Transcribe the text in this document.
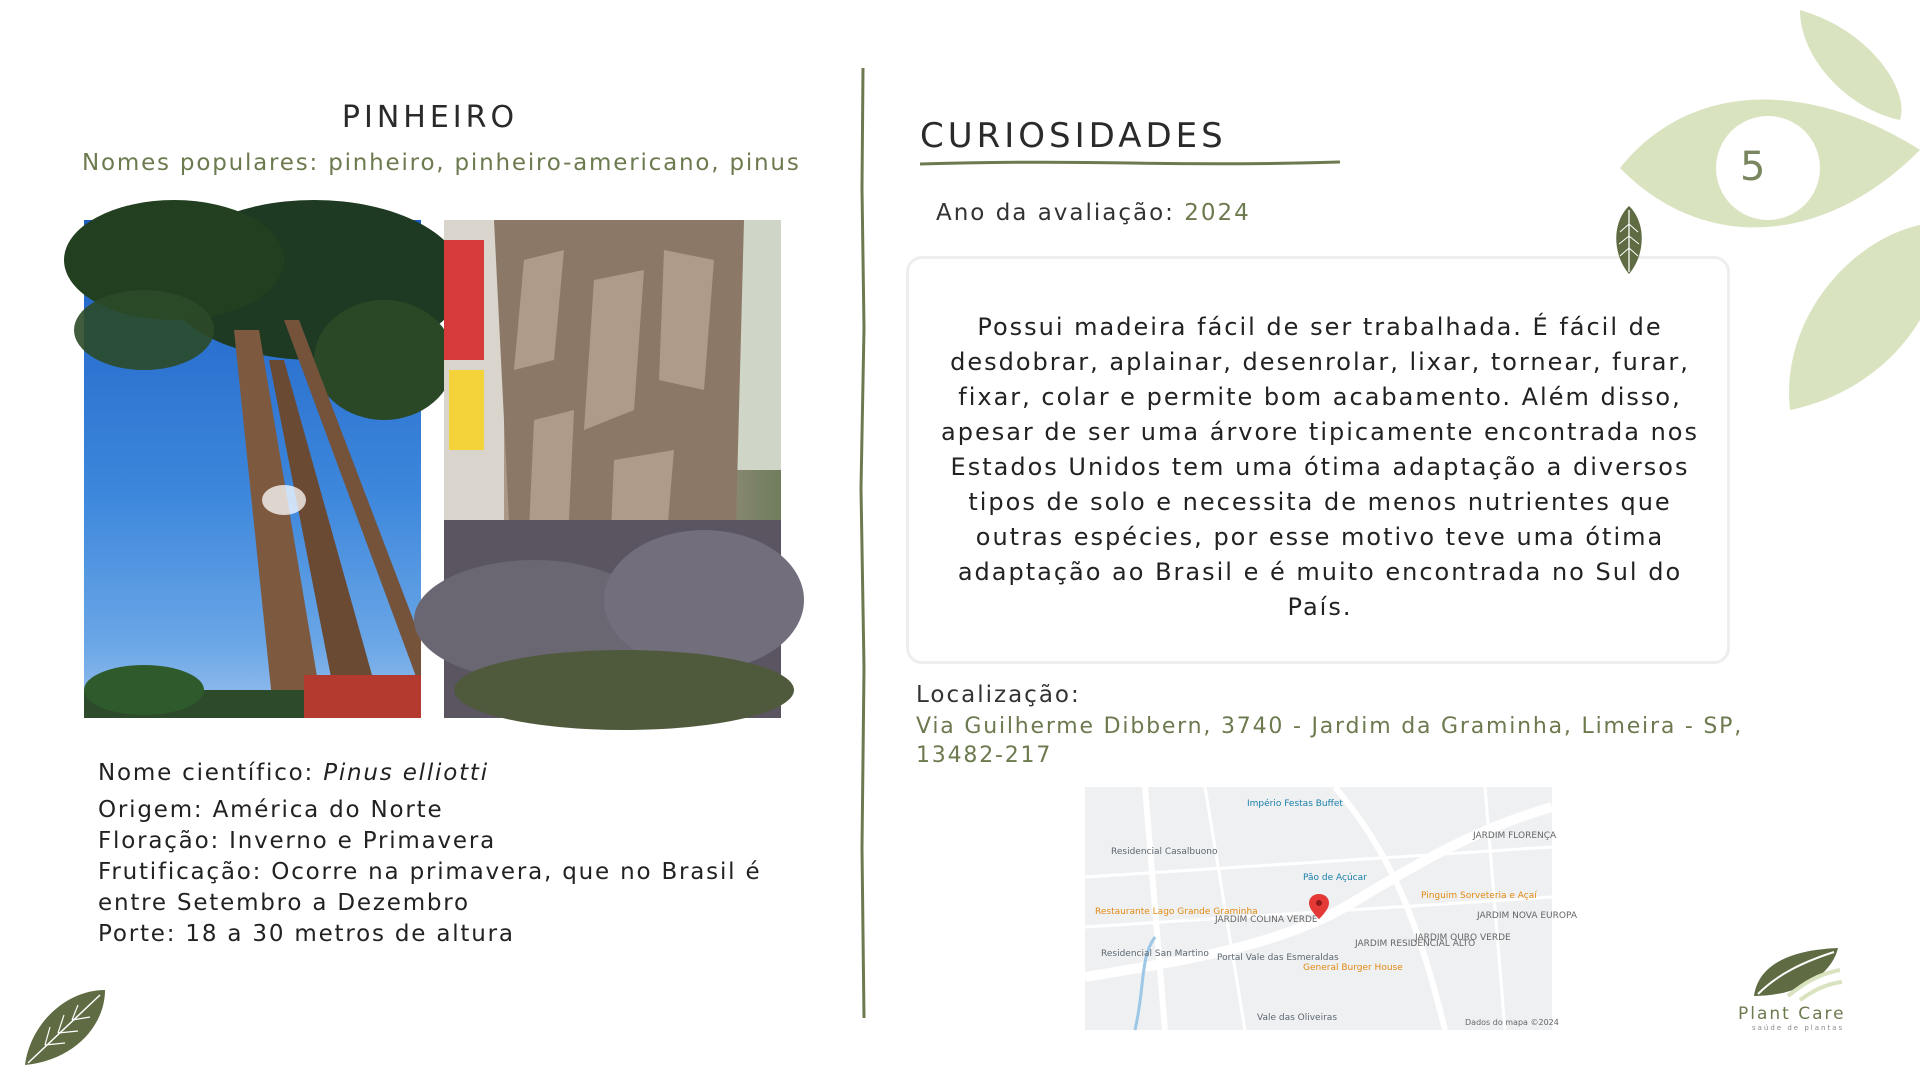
5
PINHEIRO
Nomes populares: pinheiro, pinheiro-americano, pinus
Nome científico: Pinus elliotti
Origem: América do Norte
Floração: Inverno e Primavera
Frutificação: Ocorre na primavera, que no Brasil é entre Setembro a Dezembro
Porte: 18 a 30 metros de altura
CURIOSIDADES
Ano da avaliação: 2024
Possui madeira fácil de ser trabalhada. É fácil de desdobrar, aplainar, desenrolar, lixar, tornear, furar, fixar, colar e permite bom acabamento. Além disso, apesar de ser uma árvore tipicamente encontrada nos Estados Unidos tem uma ótima adaptação a diversos tipos de solo e necessita de menos nutrientes que outras espécies, por esse motivo teve uma ótima adaptação ao Brasil e é muito encontrada no Sul do País.
Localização:
Via Guilherme Dibbern, 3740 - Jardim da Graminha, Limeira - SP, 13482-217
Império Festas Buffet
Residencial Casalbuono
Pão de Açúcar
Pinguim Sorveteria e Açaí
Restaurante Lago Grande Graminha
JARDIM COLINA VERDE
JARDIM RESIDENCIAL ALTO
JARDIM OURO VERDE
JARDIM FLORENÇA
JARDIM NOVA EUROPA
Residencial San Martino Portal Vale das Esmeraldas
General Burger House
Vale das Oliveiras	Dados do mapa ©2024	Plant Care
saúde de plantas
